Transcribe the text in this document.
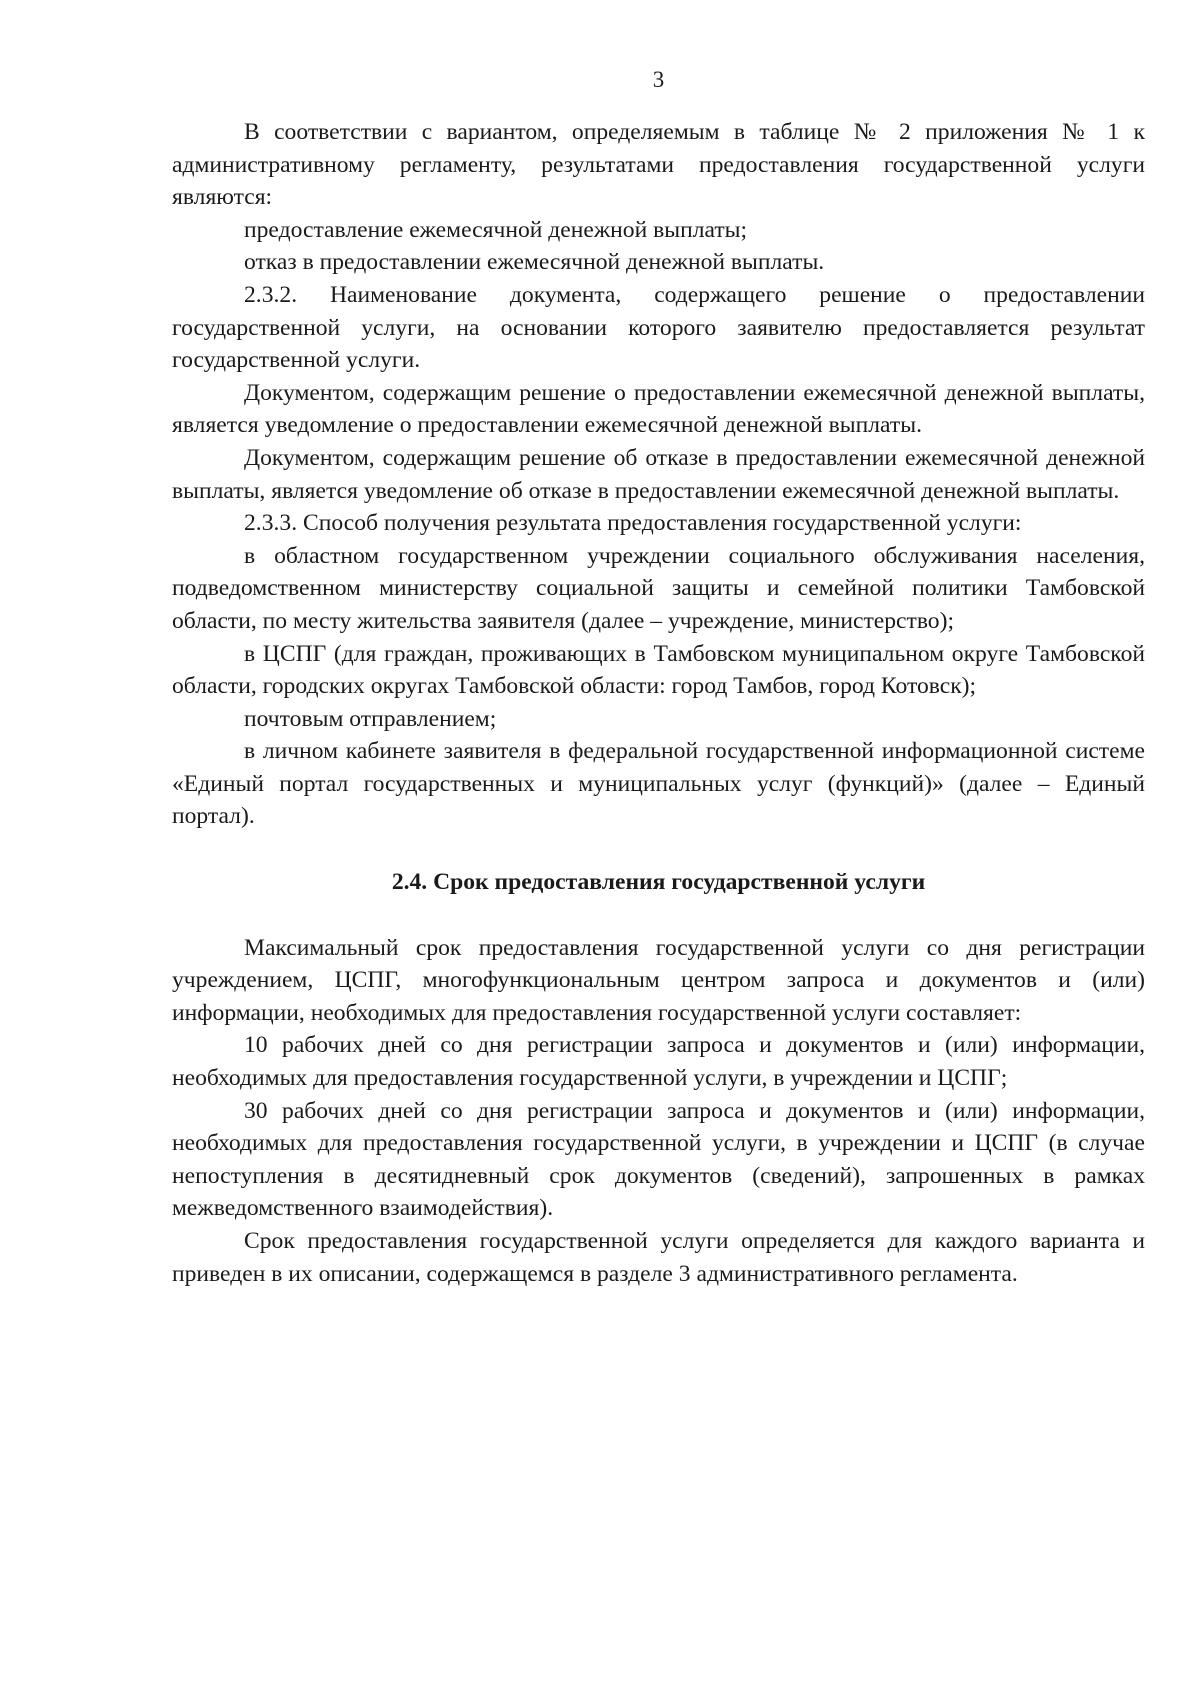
3

В соответствии с вариантом, определяемым в таблице № 2 приложения № 1 к административному регламенту, результатами предоставления государственной услуги являются:

предоставление ежемесячной денежной выплаты;

отказ в предоставлении ежемесячной денежной выплаты.

2.3.2. Наименование документа, содержащего решение о предоставлении государственной услуги, на основании которого заявителю предоставляется результат государственной услуги.

Документом, содержащим решение о предоставлении ежемесячной денежной выплаты, является уведомление о предоставлении ежемесячной денежной выплаты.

Документом, содержащим решение об отказе в предоставлении ежемесячной денежной выплаты, является уведомление об отказе в предоставлении ежемесячной денежной выплаты.

2.3.3. Способ получения результата предоставления государственной услуги:

в областном государственном учреждении социального обслуживания населения, подведомственном министерству социальной защиты и семейной политики Тамбовской области, по месту жительства заявителя (далее – учреждение, министерство);

в ЦСПГ (для граждан, проживающих в Тамбовском муниципальном округе Тамбовской области, городских округах Тамбовской области: город Тамбов, город Котовск);

почтовым отправлением;

в личном кабинете заявителя в федеральной государственной информационной системе «Единый портал государственных и муниципальных услуг (функций)» (далее – Единый портал).

2.4. Срок предоставления государственной услуги

Максимальный срок предоставления государственной услуги со дня регистрации учреждением, ЦСПГ, многофункциональным центром запроса и документов и (или) информации, необходимых для предоставления государственной услуги составляет:

10 рабочих дней со дня регистрации запроса и документов и (или) информации, необходимых для предоставления государственной услуги, в учреждении и ЦСПГ;

30 рабочих дней со дня регистрации запроса и документов и (или) информации, необходимых для предоставления государственной услуги, в учреждении и ЦСПГ (в случае непоступления в десятидневный срок документов (сведений), запрошенных в рамках межведомственного взаимодействия).

Срок предоставления государственной услуги определяется для каждого варианта и приведен в их описании, содержащемся в разделе 3 административного регламента.
